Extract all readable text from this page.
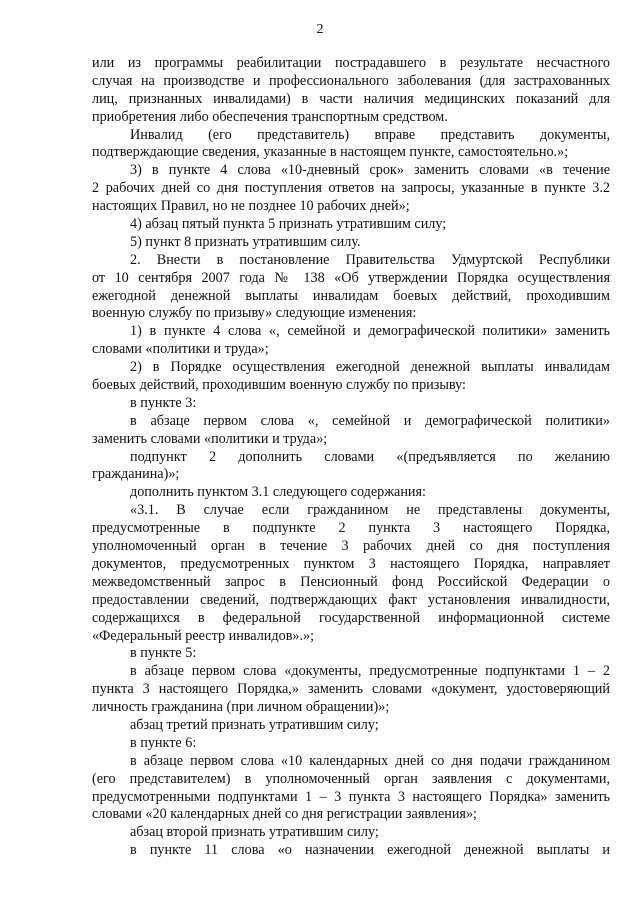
2
или из программы реабилитации пострадавшего в результате несчастного
случая на производстве и профессионального заболевания (для застрахованных
лиц, признанных инвалидами) в части наличия медицинских показаний для
приобретения либо обеспечения транспортным средством.
Инвалид (его представитель) вправе представить документы,
подтверждающие сведения, указанные в настоящем пункте, самостоятельно.»;
3) в пункте 4 слова «10-дневный срок» заменить словами «в течение
2 рабочих дней со дня поступления ответов на запросы, указанные в пункте 3.2
настоящих Правил, но не позднее 10 рабочих дней»;
4) абзац пятый пункта 5 признать утратившим силу;
5) пункт 8 признать утратившим силу.
2. Внести в постановление Правительства Удмуртской Республики
от 10 сентября 2007 года № 138 «Об утверждении Порядка осуществления
ежегодной денежной выплаты инвалидам боевых действий, проходившим
военную службу по призыву» следующие изменения:
1) в пункте 4 слова «, семейной и демографической политики» заменить
словами «политики и труда»;
2) в Порядке осуществления ежегодной денежной выплаты инвалидам
боевых действий, проходившим военную службу по призыву:
в пункте 3:
в абзаце первом слова «, семейной и демографической политики»
заменить словами «политики и труда»;
подпункт 2 дополнить словами «(предъявляется по желанию
гражданина)»;
дополнить пунктом 3.1 следующего содержания:
«3.1. В случае если гражданином не представлены документы,
предусмотренные в подпункте 2 пункта 3 настоящего Порядка,
уполномоченный орган в течение 3 рабочих дней со дня поступления
документов, предусмотренных пунктом 3 настоящего Порядка, направляет
межведомственный запрос в Пенсионный фонд Российской Федерации о
предоставлении сведений, подтверждающих факт установления инвалидности,
содержащихся в федеральной государственной информационной системе
«Федеральный реестр инвалидов».»;
в пункте 5:
в абзаце первом слова «документы, предусмотренные подпунктами 1 – 2
пункта 3 настоящего Порядка,» заменить словами «документ, удостоверяющий
личность гражданина (при личном обращении)»;
абзац третий признать утратившим силу;
в пункте 6:
в абзаце первом слова «10 календарных дней со дня подачи гражданином
(его представителем) в уполномоченный орган заявления с документами,
предусмотренными подпунктами 1 – 3 пункта 3 настоящего Порядка» заменить
словами «20 календарных дней со дня регистрации заявления»;
абзац второй признать утратившим силу;
в пункте 11 слова «о назначении ежегодной денежной выплаты и
